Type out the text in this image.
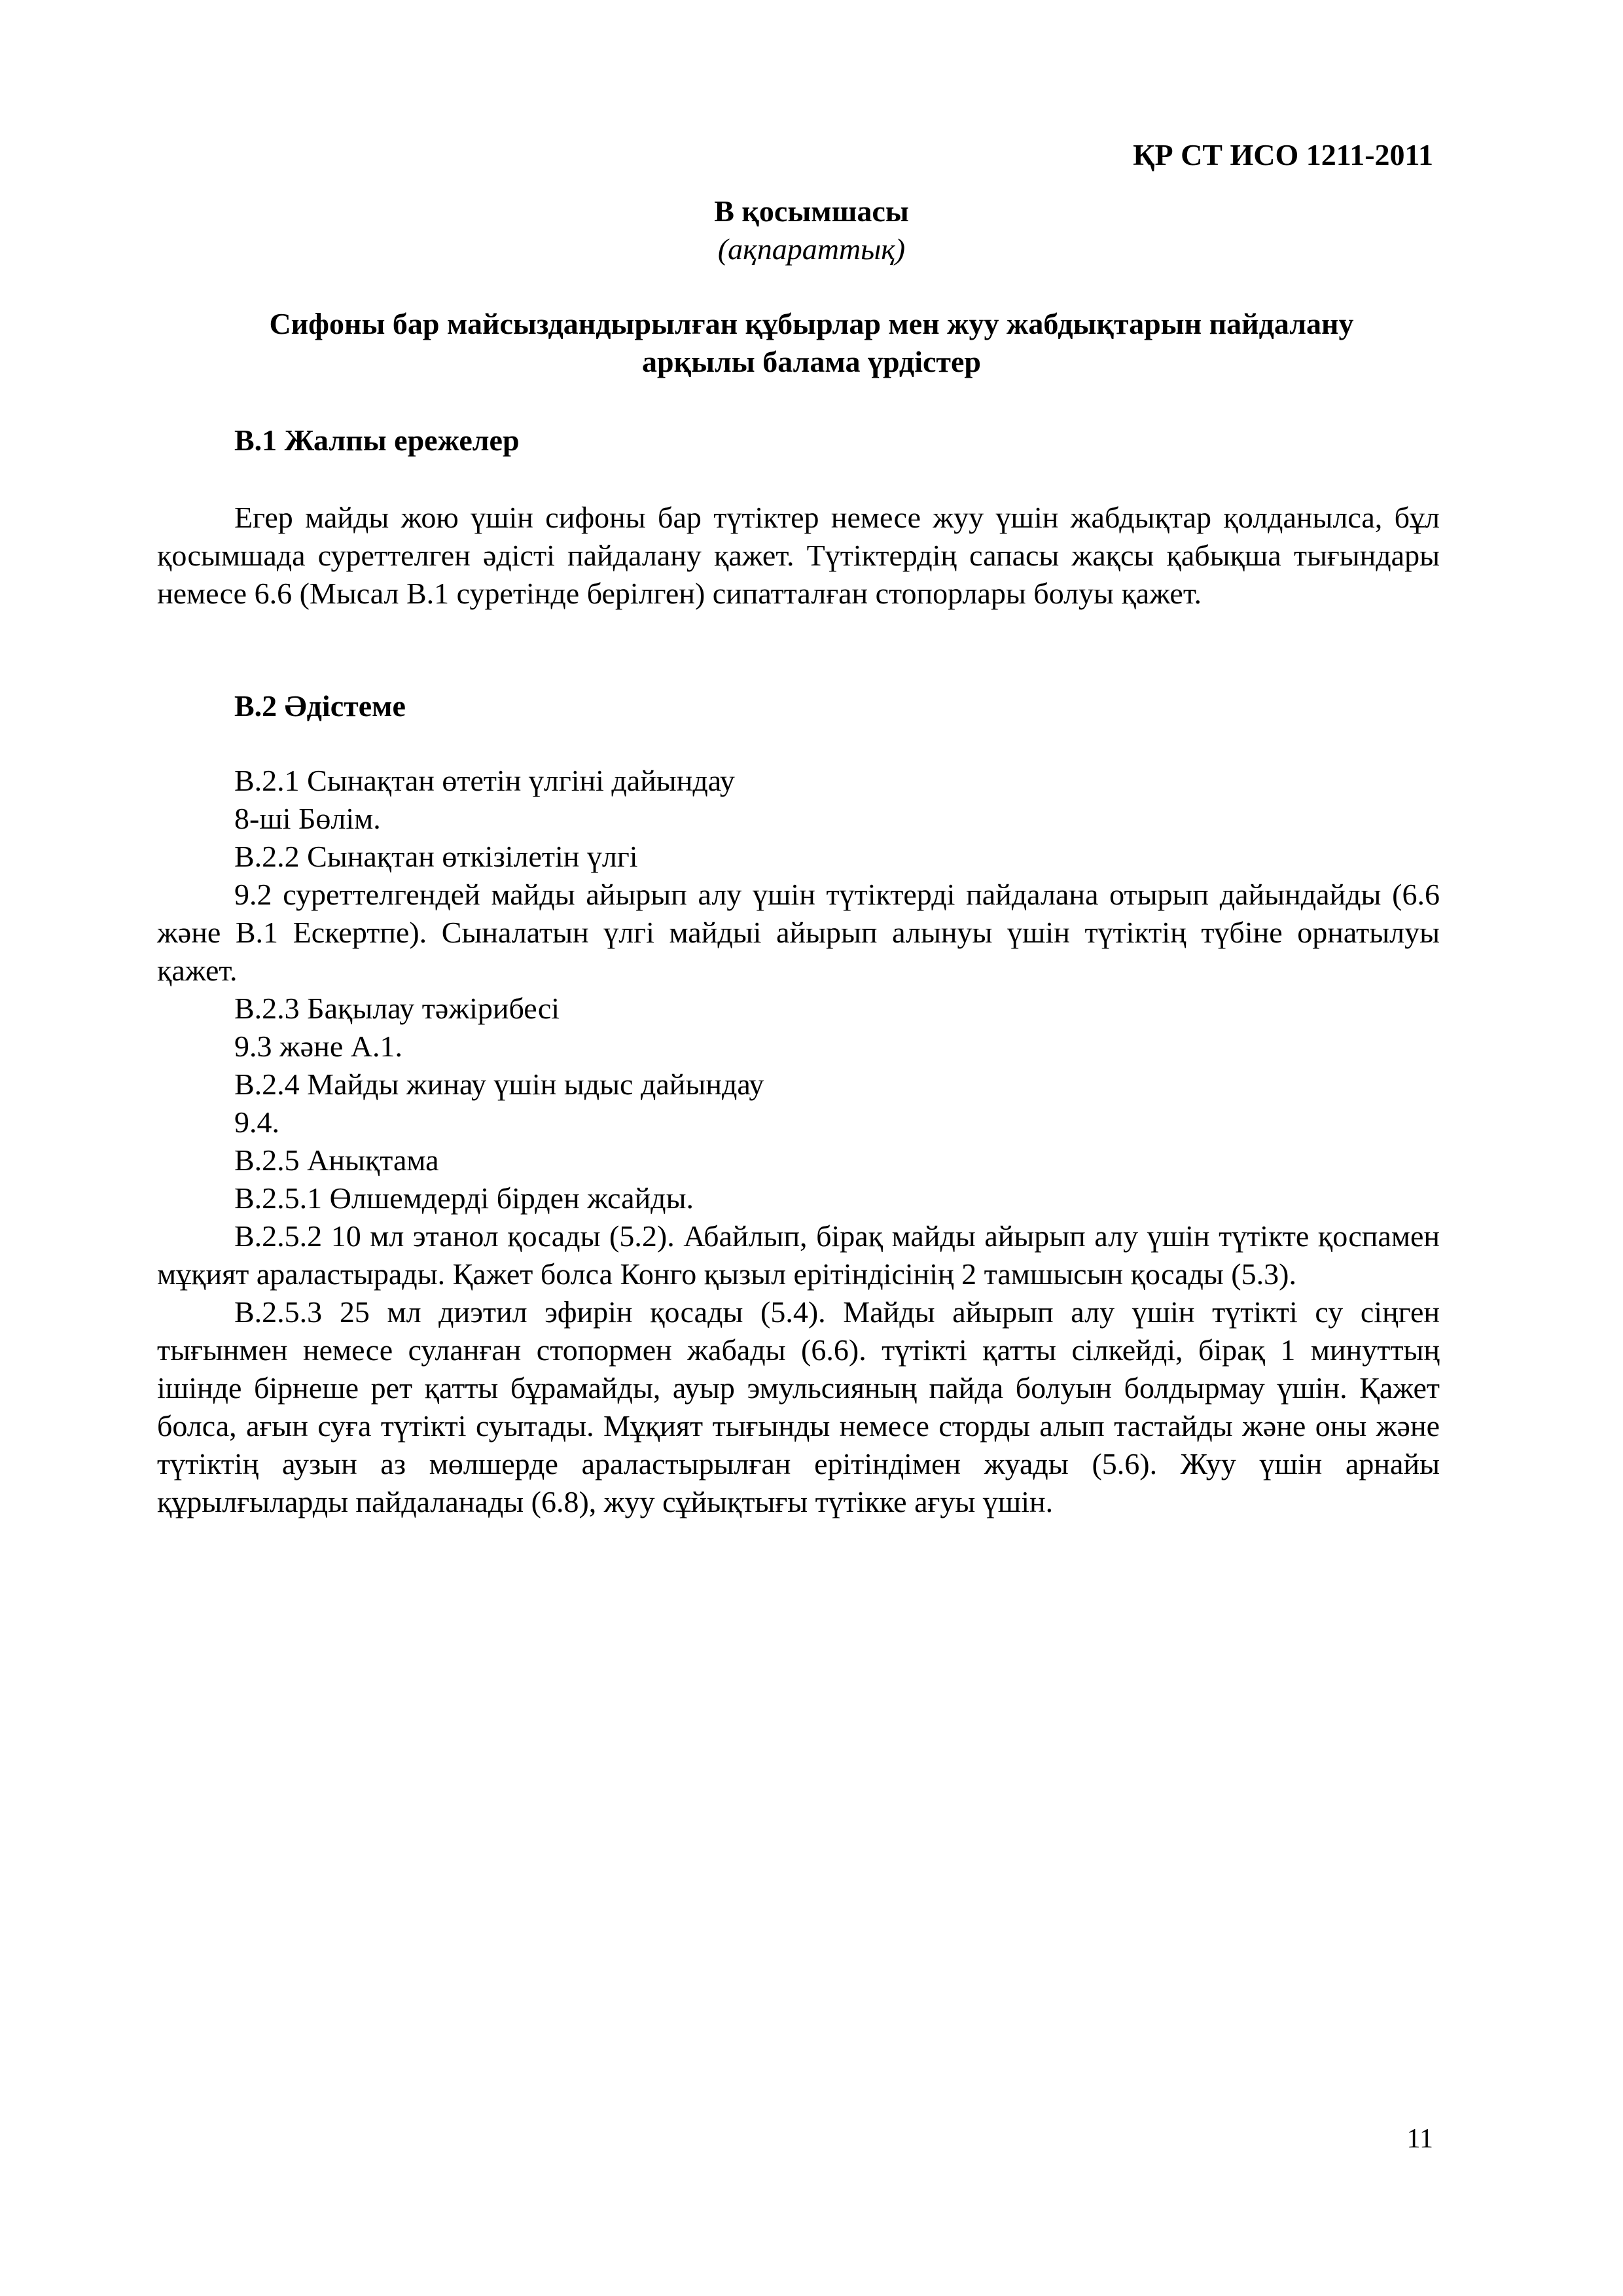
ҚР СТ ИСО 1211-2011

В қосымшасы

(ақпараттық)

Сифоны бар майсыздандырылған құбырлар мен жуу жабдықтарын пайдалану
арқылы балама үрдістер
В.1 Жалпы ережелер

Егер майды жою үшін сифоны бар түтіктер немесе жуу үшін жабдықтар қолданылса, бұл қосымшада суреттелген әдісті пайдалану қажет. Түтіктердің сапасы жақсы қабықша тығындары немесе 6.6 (Мысал В.1 суретінде берілген) сипатталған стопорлары болуы қажет.

В.2 Әдістеме

В.2.1 Сынақтан өтетін үлгіні дайындау

8-ші Бөлім.

В.2.2 Сынақтан өткізілетін үлгі

9.2 суреттелгендей майды айырып алу үшін түтіктерді пайдалана отырып дайындайды (6.6 және В.1 Ескертпе). Сыналатын үлгі майдыі айырып алынуы үшін түтіктің түбіне орнатылуы қажет.

В.2.3 Бақылау тәжірибесі

9.3 және А.1.

В.2.4 Майды жинау үшін ыдыс дайындау

9.4.

В.2.5 Анықтама

В.2.5.1 Өлшемдерді бірден жсайды.

В.2.5.2 10 мл этанол қосады (5.2). Абайлып, бірақ майды айырып алу үшін түтікте қоспамен мұқият араластырады. Қажет болса Конго қызыл ерітіндісінің 2 тамшысын қосады (5.3).

В.2.5.3 25 мл диэтил эфирін қосады (5.4). Майды айырып алу үшін түтікті су сіңген тығынмен немесе суланған стопормен жабады (6.6). түтікті қатты сілкейді, бірақ 1 минуттың ішінде бірнеше рет қатты бұрамайды, ауыр эмульсияның пайда болуын болдырмау үшін. Қажет болса, ағын суға түтікті суытады. Мұқият тығынды немесе сторды алып тастайды және оны және түтіктің аузын аз мөлшерде араластырылған ерітіндімен жуады (5.6). Жуу үшін арнайы құрылғыларды пайдаланады (6.8), жуу сұйықтығы түтікке ағуы үшін.

11
